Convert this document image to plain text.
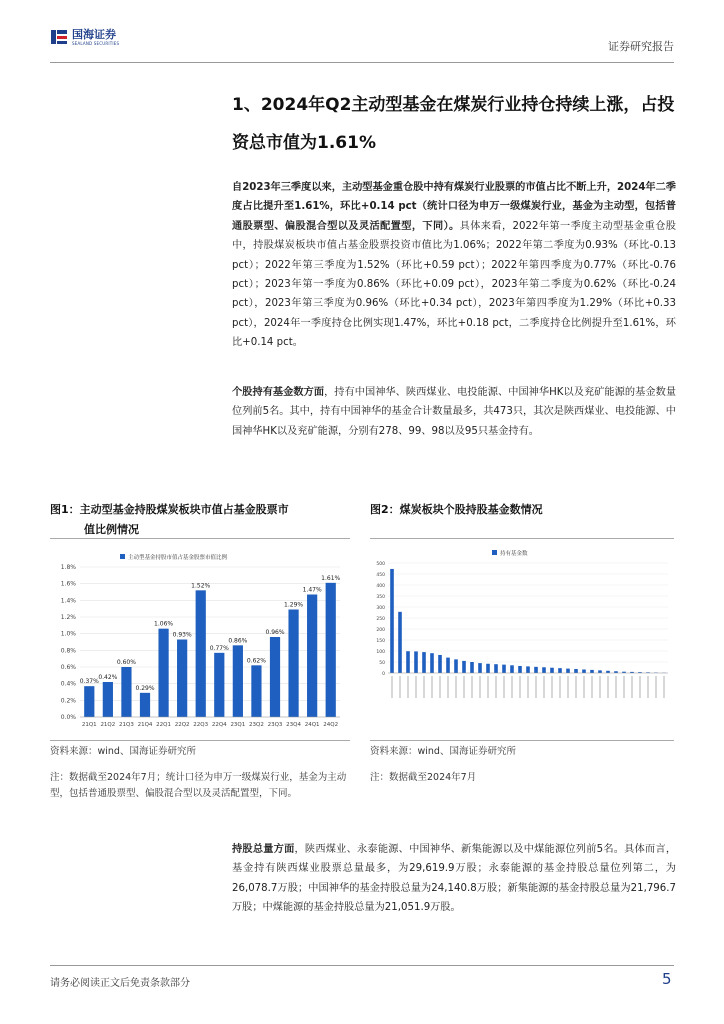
国海证券
SEALAND SECURITIES	证券研究报告
1、2024年Q2主动型基金在煤炭行业持仓持续上涨，占投资总市值为1.61%
自2023年三季度以来，主动型基金重仓股中持有煤炭行业股票的市值占比不断上升，2024年二季度占比提升至1.61%，环比+0.14 pct（统计口径为申万一级煤炭行业，基金为主动型，包括普通股票型、偏股混合型以及灵活配置型，下同）。具体来看，2022年第一季度主动型基金重仓股中，持股煤炭板块市值占基金股票投资市值比为1.06%；2022年第二季度为0.93%（环比-0.13 pct）；2022年第三季度为1.52%（环比+0.59 pct）；2022年第四季度为0.77%（环比-0.76 pct）；2023年第一季度为0.86%（环比+0.09 pct），2023年第二季度为0.62%（环比-0.24 pct），2023年第三季度为0.96%（环比+0.34 pct），2023年第四季度为1.29%（环比+0.33 pct），2024年一季度持仓比例实现1.47%，环比+0.18 pct，二季度持仓比例提升至1.61%，环比+0.14 pct。
个股持有基金数方面，持有中国神华、陕西煤业、电投能源、中国神华HK以及兖矿能源的基金数量位列前5名。其中，持有中国神华的基金合计数量最多，共473只，其次是陕西煤业、电投能源、中国神华HK以及兖矿能源，分别有278、99、98以及95只基金持有。
图1：主动型基金持股煤炭板块市值占基金股票市
值比例情况
图2：煤炭板块个股持股基金数情况
0.37%
0.42%
0.60%
0.29%
1.06%
0.93%
1.52%
0.77%
0.86%
0.62%
0.96%
1.29%
1.47%
1.61%
0.0%
0.2%
0.4%
0.6%
0.8%
1.0%
1.2%
1.4%
1.6%
1.8%
21Q1 21Q2 21Q3 21Q4 22Q1 22Q2 22Q3 22Q4 23Q1 23Q2 23Q3 23Q4 24Q1 24Q2
主动型基金持股市值占基金股票市值比例
0
50
100
150
200
250
300
350
400
450
500
持有基金数
资料来源：wind、国海证券研究所
注：数据截至2024年7月；统计口径为申万一级煤炭行业，基金为主动型，包括普通股票型、偏股混合型以及灵活配置型，下同。
资料来源：wind、国海证券研究所
注：数据截至2024年7月
持股总量方面，陕西煤业、永泰能源、中国神华、新集能源以及中煤能源位列前5名。具体而言，基金持有陕西煤业股票总量最多，为29,619.9万股；永泰能源的基金持股总量位列第二，为26,078.7万股；中国神华的基金持股总量为24,140.8万股；新集能源的基金持股总量为21,796.7万股；中煤能源的基金持股总量为21,051.9万股。
请务必阅读正文后免责条款部分	5
